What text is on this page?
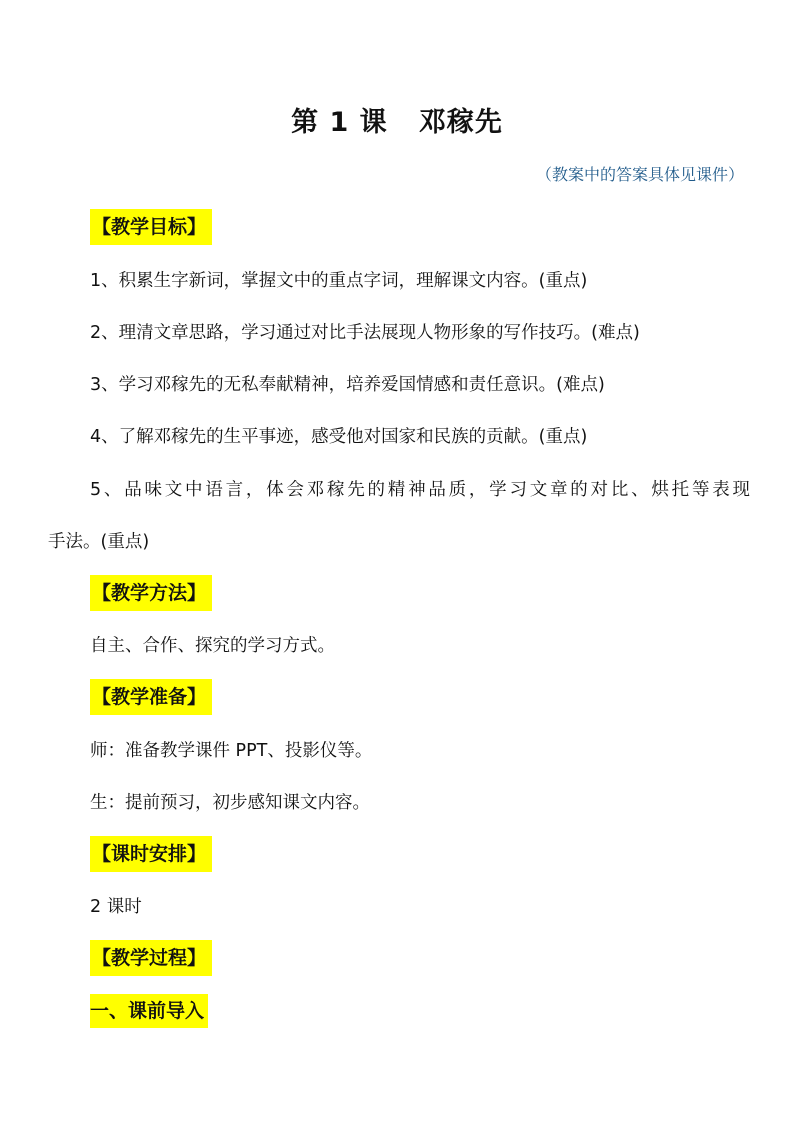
第 1 课   邓稼先
（教案中的答案具体见课件）
【教学目标】
1、积累生字新词，掌握文中的重点字词，理解课文内容。(重点)
2、理清文章思路，学习通过对比手法展现人物形象的写作技巧。(难点)
3、学习邓稼先的无私奉献精神，培养爱国情感和责任意识。(难点)
4、了解邓稼先的生平事迹，感受他对国家和民族的贡献。(重点)
5、品味文中语言，体会邓稼先的精神品质，学习文章的对比、烘托等表现
手法。(重点)
【教学方法】
自主、合作、探究的学习方式。
【教学准备】
师：准备教学课件 PPT、投影仪等。
生：提前预习，初步感知课文内容。
【课时安排】
2 课时
【教学过程】
一、课前导入
